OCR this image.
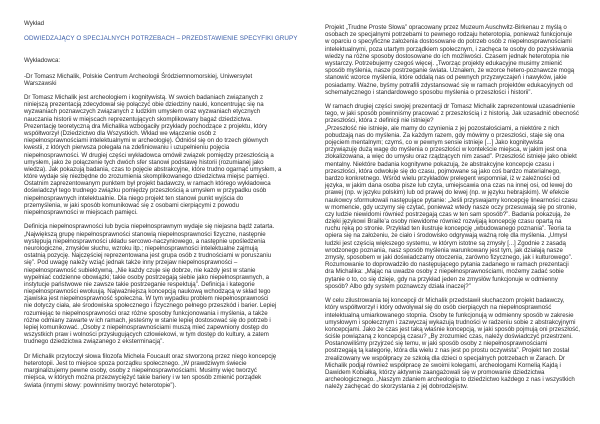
Wykład
ODWIEDZAJĄCY O SPECJALNYCH POTRZEBACH – PRZEDSTAWIENIE SPECYFIKI GRUPY
Wykładowca:
-Dr Tomasz Michalik, Polskie Centrum Archeologii Śródziemnomorskiej, Uniwersytet
Warszawski
Dr Tomasz Michalik jest archeologiem i kognitywistą. W swoich badaniach związanych z
niniejszą prezentacją zdecydował się połączyć obie dziedziny nauki, koncentrując się na
wyzwaniach poznawczych związanych z ludzkim umysłem oraz wyzwaniach etycznych
nauczania historii w miejscach reprezentujących skomplikowany bagaż dziedzictwa.
Prezentację teoretyczną dra Michalika wzbogaciły przykłady pochodzące z projektu, który
współtworzył (Dziedzictwo dla Wszystkich. Wkład we włączenie osób z
niepełnosprawnościami intelektualnymi w archeologię). Odniósł się on do trzech głównych
kwestii, z których pierwsza polegała na zdefiniowaniu i uzupełnieniu pojęcia
niepełnosprawności. W drugiej części wykładowca omówił związek pomiędzy przeszłością a
umysłem, jako że połączenie tych dwóch sfer stanowi podstawę historii (rozumianej jako
wiedza). Jak pokazują badania, czas to pojęcie abstrakcyjne, które trudno ogarnąć umysłem, a
które wydaje się niezbędne do zrozumienia skomplikowanego dziedzictwa miejsc pamięci.
Ostatnim zaprezentowanym punktem był projekt badawczy, w ramach którego wykładowca
doświadczył tego trudnego związku pomiędzy przeszłością a umysłem w przypadku osób
niepełnosprawnych intelektualnie. Dla niego projekt ten stanowi punkt wyjścia do
przemyślenia, w jaki sposób komunikować się z osobami cierpiącymi z powodu
niepełnosprawności w miejscach pamięci.
Definicja niepełnosprawności lub bycia niepełnosprawnym wydaje się niejasna bądź zatarta.
„Największą grupę niepełnosprawności stanowią niepełnosprawności fizyczne, następnie
występują niepełnosprawności układu sercowo-naczyniowego, a następnie upośledzenia
neurologiczne, zmysłów słuchu, wzroku itp.; niepełnosprawności intelektualne zajmują
ostatnią pozycję. Najczęściej reprezentowana jest grupa osób z trudnościami w poruszaniu
się”. Pod uwagę należy wziąć jednak także inny przejaw niepełnosprawności –
niepełnosprawność subiektywną. „Nie każdy czuje się dobrze, nie każdy jest w stanie
wypełniać codzienne obowiązki; takie osoby postrzegają siebie jako niepełnosprawnych, a
instytucje państwowe nie zawsze takie postrzeganie respektują”. Definicja i kategorie
niepełnosprawności ewoluują. Najważniejszą koncepcją naukową wchodzącą w skład tego
zjawiska jest niepełnosprawność społeczna. W tym wypadku problem niepełnosprawności
nie dotyczy ciała, ale środowiska społecznego i fizycznego pełnego przeszkód i barier. Lepiej
rozumiejąc te niepełnosprawności oraz różne sposoby funkcjonowania i myślenia, a także
różne odmiany zawarte w ich ramach, jesteśmy w stanie lepiej dostosować się do potrzeb i
lepiej komunikować. „Osoby z niepełnosprawnościami muszą mieć zapewniony dostęp do
wszystkich praw i wolności przysługujących człowiekowi, w tym dostęp do kultury, a zatem
trudnego dziedzictwa związanego z eksterminacją”.
Dr Michalik przytoczył słowa filozofa Michela Foucault oraz stworzoną przez niego koncepcję
heterotopii. Jest to miejsce spoza porządku społecznego. „W prawdziwym świecie
marginalizujemy pewne osoby, osoby z niepełnosprawnościami. Musimy więc tworzyć
miejsca, w których można przezwyciężyć takie bariery i w ten sposób zmienić porządek
świata (innymi słowy: powinniśmy tworzyć heterotopie”).
Projekt „Trudne Proste Słowa” opracowany przez Muzeum Auschwitz-Birkenau z myślą o
osobach ze specjalnymi potrzebami to pewnego rodzaju heterotopia, ponieważ funkcjonuje
w oparciu o specyficzne założenia dostosowane do potrzeb osób z niepełnosprawnościami
intelektualnymi, poza utartym porządkiem społecznym, i zachęca te osoby do pozyskiwania
wiedzy na różne sposoby dostosowane do ich możliwości. Czasem jednak heterotopia nie
wystarczy. Potrzebujemy czegoś więcej. „Tworząc projekty edukacyjne musimy zmienić
sposób myślenia, nasze postrzeganie świata. Uznałem, że wzorce hetero-poznawcze mogą
stanowić wzorce myślenia, które oddalą nas od pewnych przyzwyczajeń i nawyków, jakie
posiadamy. Ważne, byśmy potrafili zdystansować się w ramach projektów edukacyjnych od
schematycznego i standardowego sposobu myślenia o przeszłości i historii”.
W ramach drugiej części swojej prezentacji dr Tomasz Michalik zaprezentował uzasadnienie
tego, w jaki sposób powinniśmy pracować z przeszłością i z historią. Jak uzasadnić obecność
przeszłości, która z definicji nie istnieje?
„Przeszłość nie istnieje, ale mamy do czynienia z jej pozostałościami, a niektóre z nich
pobudzają nas do myślenia. Za każdym razem, gdy mówimy o przeszłości, staje się ona
pojęciem mentalnym; czymś, co w pewnym sensie istnieje [...] Jako kognitywista
przywiązuję dużą wagę do myślenia o przeszłości w kontekście miejsca, w jakim jest ona
zlokalizowana, a więc do umysłu oraz rządzących nim zasad”. Przeszłość istnieje jako obiekt
mentalny. Niektóre badania kognitywne pokazują, że abstrakcyjne koncepcje czasu i
przeszłości, która odwołuje się do czasu, pojmowane są jako coś bardzo materialnego,
bardzo konkretnego. Wśród wielu przykładów prelegent wspomniał, iż w zależności od
języka, w jakim dana osoba pisze lub czyta, umiejscawia ona czas na innej osi, od lewej do
prawej (np. w języku polskim) lub od prawej do lewej (np. w języku hebrajskim). W efekcie
naukowcy sformułowali następujące pytanie: „Jeśli przyswajamy koncepcję linearności czasu
w momencie, gdy uczymy się czytać, ponieważ wtedy nasze oczy przesuwają się po stronie,
czy ludzie niewidomi również postrzegają czas w ten sam sposób?”. Badania pokazują, że
dzięki językowi Braille’a osoby niewidome również rozwijają koncepcję czasu opartą na
ruchu ręką po stronie. Przykład ten ilustruje koncepcję „wbudowanego poznania”. Teoria ta
opiera się na założeniu, że ciało i środowisko odgrywają ważną rolę dla myślenia. „Umysł
ludzki jest częścią większego systemu, w którym istotne są zmysły [...] Zgodnie z zasadą
wrodzonego poznania, nasz sposób myślenia warunkowany jest tym, jak działają nasze
zmysły, sposobem w jaki doświadczamy otoczenia, zarówno fizycznego, jak i kulturowego”.
Rozumowanie to doprowadziło do następującego pytania zadanego w ramach prezentacji
dra Michalika: „Mając na uwadze osoby z niepełnosprawnościami, możemy zadać sobie
pytanie o to, co się dzieje, gdy na przykład jeden ze zmysłów funkcjonuje w odmienny
sposób? Albo gdy system poznawczy działa inaczej?”
W celu zilustrowania tej koncepcji dr Michalik przedstawił słuchaczom projekt badawczy,
który współtworzył i który odwoływał się do osób cierpiących na niepełnosprawność
intelektualną umiarkowanego stopnia. Osoby te funkcjonują w odmienny sposób w zakresie
umysłowym i społecznym i zazwyczaj wykazują trudności w radzeniu sobie z abstrakcyjnymi
koncepcjami. Jako że czas jest taką właśnie koncepcją, w jaki sposób pojmują oni przeszłość,
ściśle powiązaną z koncepcją czasu? „By zrozumieć czas, należy doświadczyć przestrzeni.
Postanowiliśmy przyjrzeć się temu, w jaki sposób osoby z niepełnosprawnościami
postrzegają tą kategorię, która dla wielu z nas jest po prostu oczywista”. Projekt ten został
zrealizowany we współpracy ze szkołą dla dzieci o specjalnych potrzebach w Zarach. Dr
Michalik podjął również współpracę ze swoimi kolegami, archeologami Kornelią Kajdą i
Dawidem Kobiałką, którzy aktywnie zaangażowali się w promowanie dziedzictwa
archeologicznego. „Naszym zdaniem archeologia to dziedzictwo każdego z nas i wszystkich
należy zachęcać do skorzystania z jej dobrodziejstw.
